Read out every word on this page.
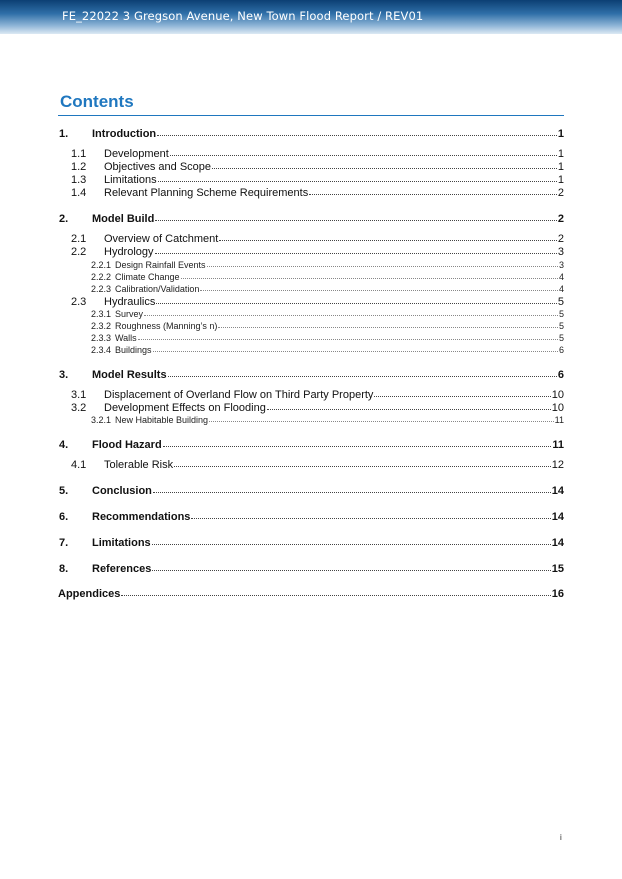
FE_22022 3 Gregson Avenue, New Town Flood Report / REV01
Contents
1.	Introduction	1
1.1	Development	1
1.2	Objectives and Scope	1
1.3	Limitations	1
1.4	Relevant Planning Scheme Requirements	2
2.	Model Build	2
2.1	Overview of Catchment	2
2.2	Hydrology	3
2.2.1 Design Rainfall Events	3
2.2.2 Climate Change	4
2.2.3 Calibration/Validation	4
2.3	Hydraulics	5
2.3.1 Survey	5
2.3.2 Roughness (Manning’s n)	5
2.3.3 Walls	5
2.3.4 Buildings	6
3.	Model Results	6
3.1	Displacement of Overland Flow on Third Party Property	10
3.2	Development Effects on Flooding	10
3.2.1 New Habitable Building	11
4.	Flood Hazard	11
4.1	Tolerable Risk	12
5.	Conclusion	14
6.	Recommendations	14
7.	Limitations	14
8.	References	15
Appendices	16
i
